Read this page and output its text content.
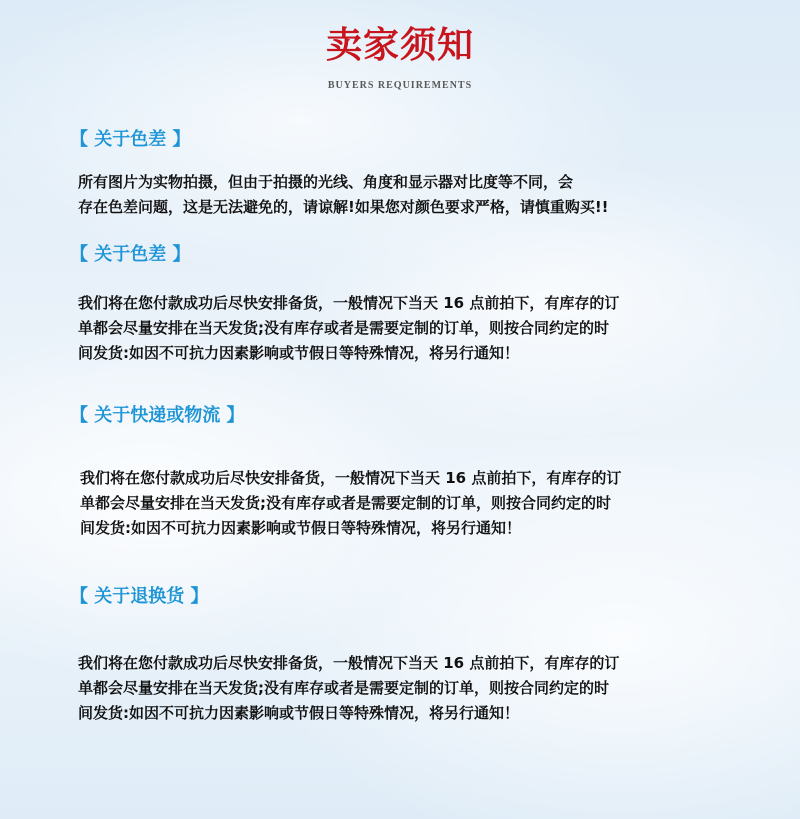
卖家须知
BUYERS REQUIREMENTS
【 关于色差 】
所有图片为实物拍摄，但由于拍摄的光线、角度和显示器对比度等不同，会
存在色差问题，这是无法避免的，请谅解!如果您对颜色要求严格，请慎重购买!!
【 关于色差 】
我们将在您付款成功后尽快安排备货，一般情况下当天 16 点前拍下，有库存的订
单都会尽量安排在当天发货;没有库存或者是需要定制的订单，则按合同约定的时
间发货:如因不可抗力因素影响或节假日等特殊情况，将另行通知！
【 关于快递或物流 】
我们将在您付款成功后尽快安排备货，一般情况下当天 16 点前拍下，有库存的订
单都会尽量安排在当天发货;没有库存或者是需要定制的订单，则按合同约定的时
间发货:如因不可抗力因素影响或节假日等特殊情况，将另行通知！
【 关于退换货 】
我们将在您付款成功后尽快安排备货，一般情况下当天 16 点前拍下，有库存的订
单都会尽量安排在当天发货;没有库存或者是需要定制的订单，则按合同约定的时
间发货:如因不可抗力因素影响或节假日等特殊情况，将另行通知！
